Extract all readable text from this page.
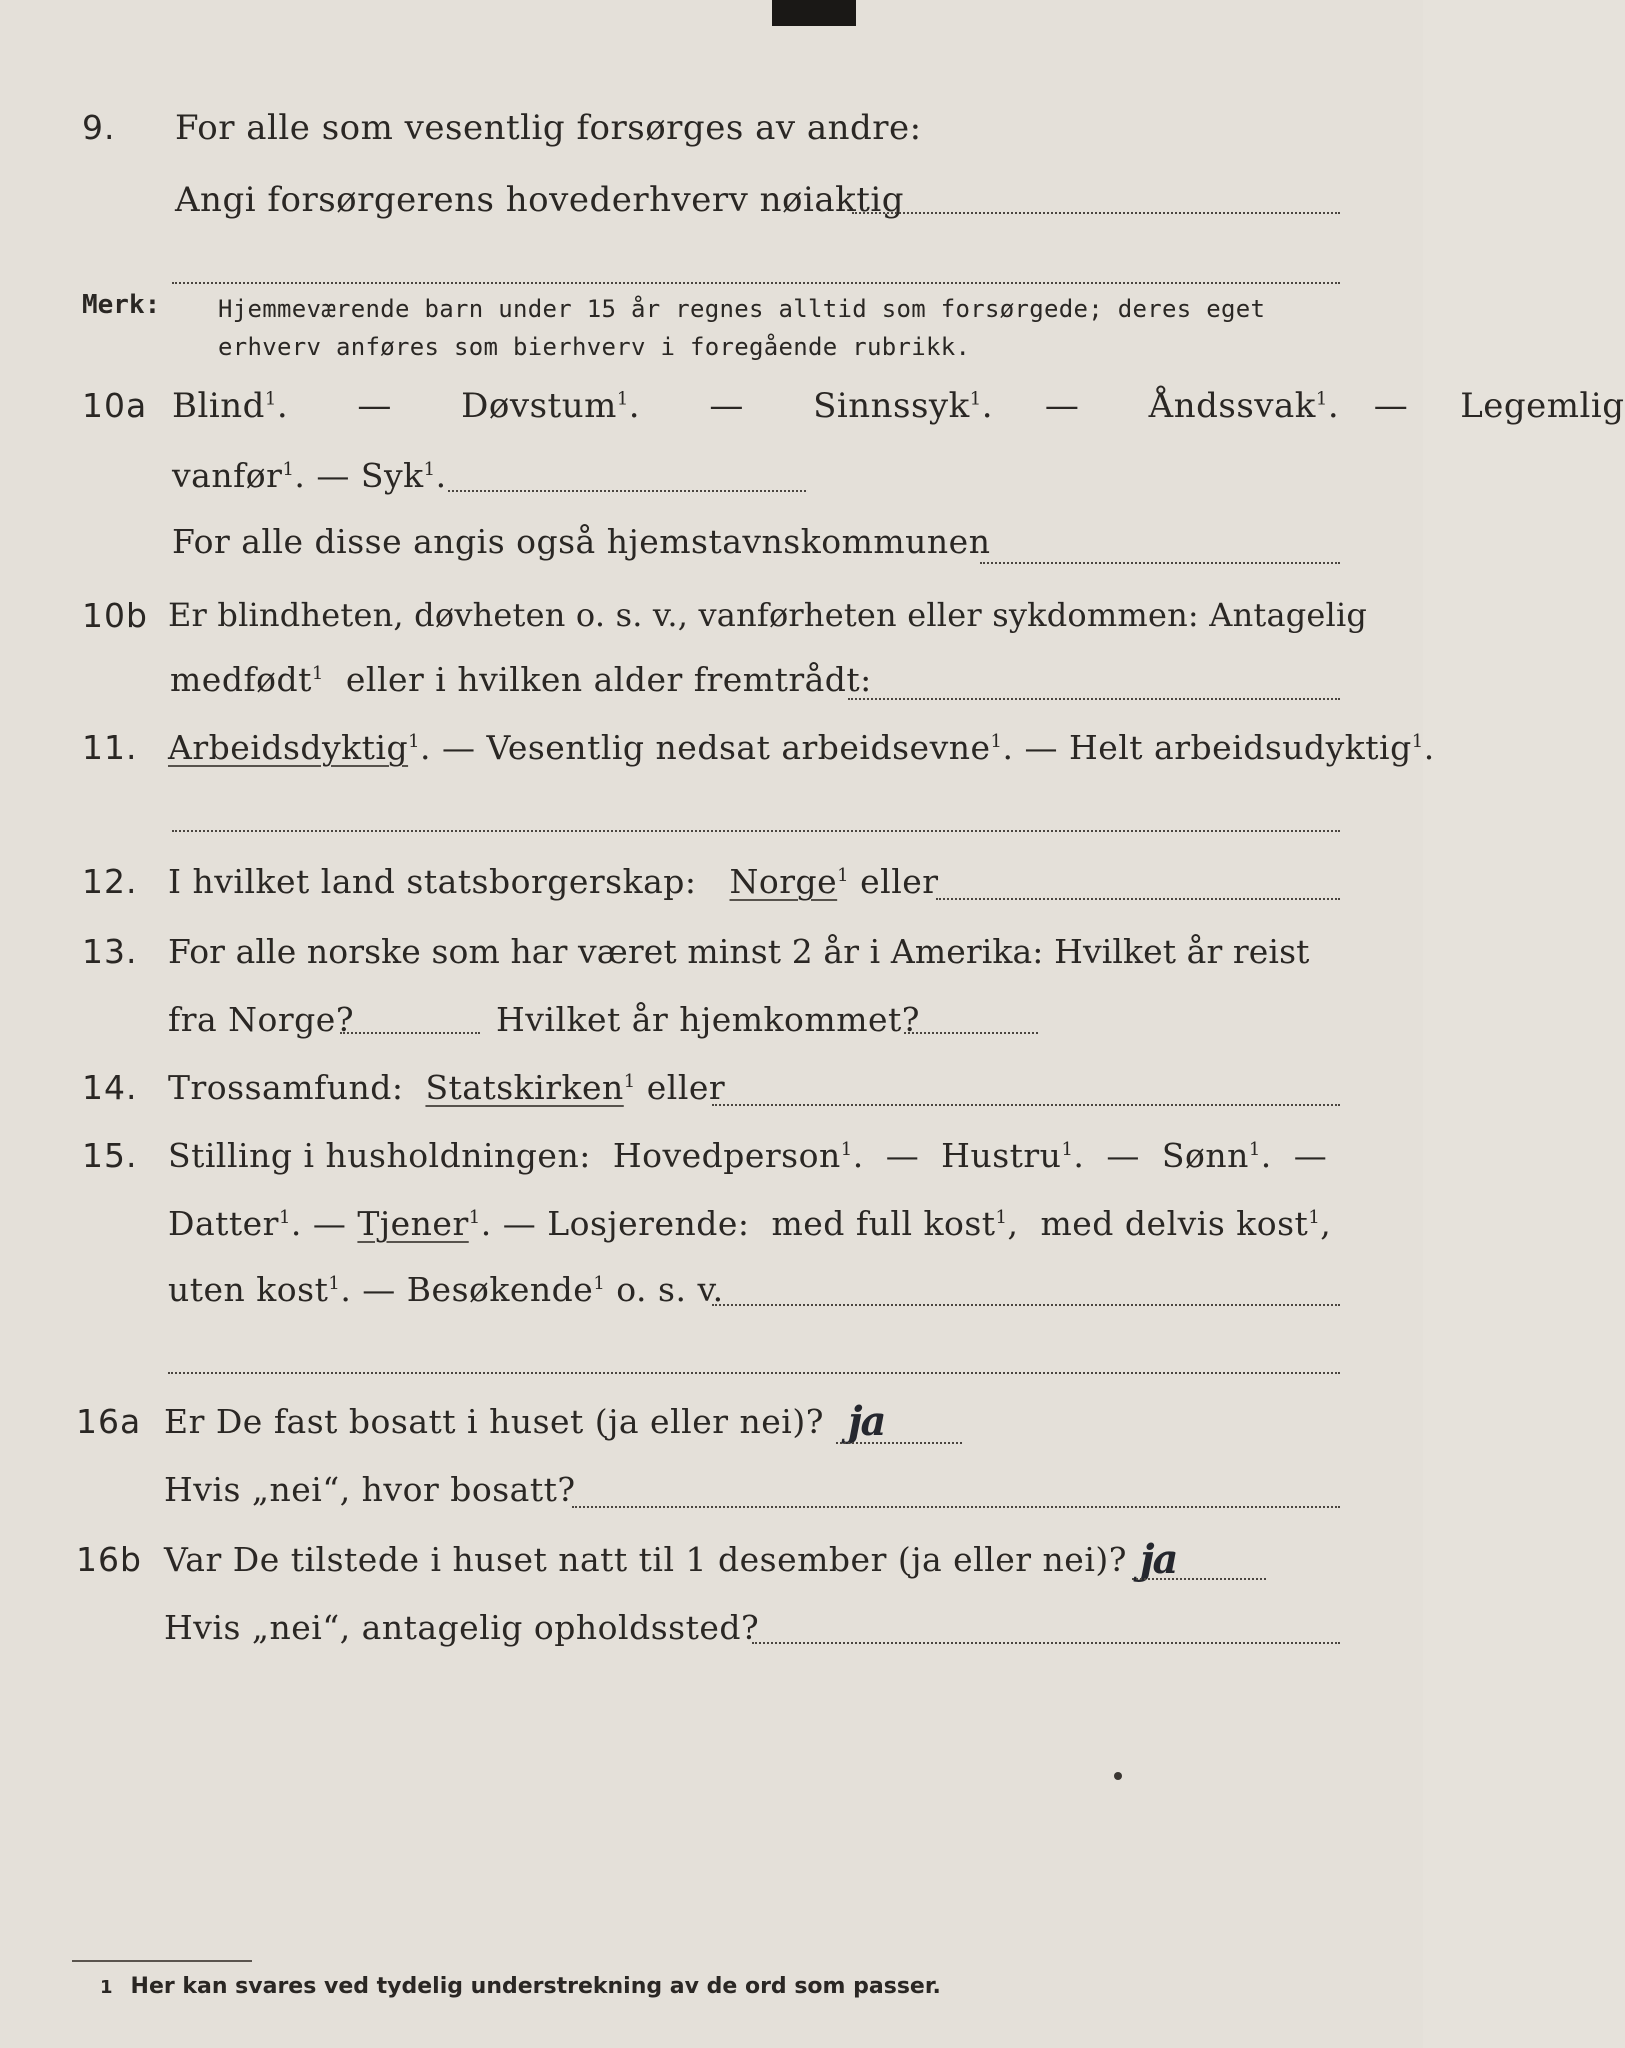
9. For alle som vesentlig forsørges av andre:
Angi forsørgerens hovederhverv nøiaktig
Merk: Hjemmeværende barn under 15 år regnes alltid som forsørgede; deres eget erhverv anføres som bierhverv i foregående rubrikk.
10a Blind$^1$.    — Døvstum$^1$.    — Sinnssyk$^1$.   — Åndssvak$^1$.  — Legemlig
vanfør$^1$. — Syk$^1$.
For alle disse angis også hjemstavnskommunen
10b Er blindheten, døvheten o. s. v., vanførheten eller sykdommen: Antagelig
medfødt$^1$ eller i hvilken alder fremtrådt:
11. Arbeidsdyktig$^1$. — Vesentlig nedsat arbeidsevne$^1$. — Helt arbeidsudyktig$^1$.
12. I hvilket land statsborgerskap: Norge$^1$ eller
13. For alle norske som har været minst 2 år i Amerika: Hvilket år reist
fra Norge?	Hvilket år hjemkommet?
14. Trossamfund: Statskirken$^1$ eller
15. Stilling i husholdningen: Hovedperson$^1$.  — Hustru$^1$.  — Sønn$^1$.  —
Datter$^1$. — Tjener$^1$. — Losjerende: med full kost$^1$,  med delvis kost$^1$,
uten kost$^1$. — Besøkende$^1$ o. s. v.
16a Er De fast bosatt i huset (ja eller nei)? ja
Hvis „nei“, hvor bosatt?
16b Var De tilstede i huset natt til 1 desember (ja eller nei)? ja
Hvis „nei“, antagelig opholdssted?
1 Her kan svares ved tydelig understrekning av de ord som passer.
